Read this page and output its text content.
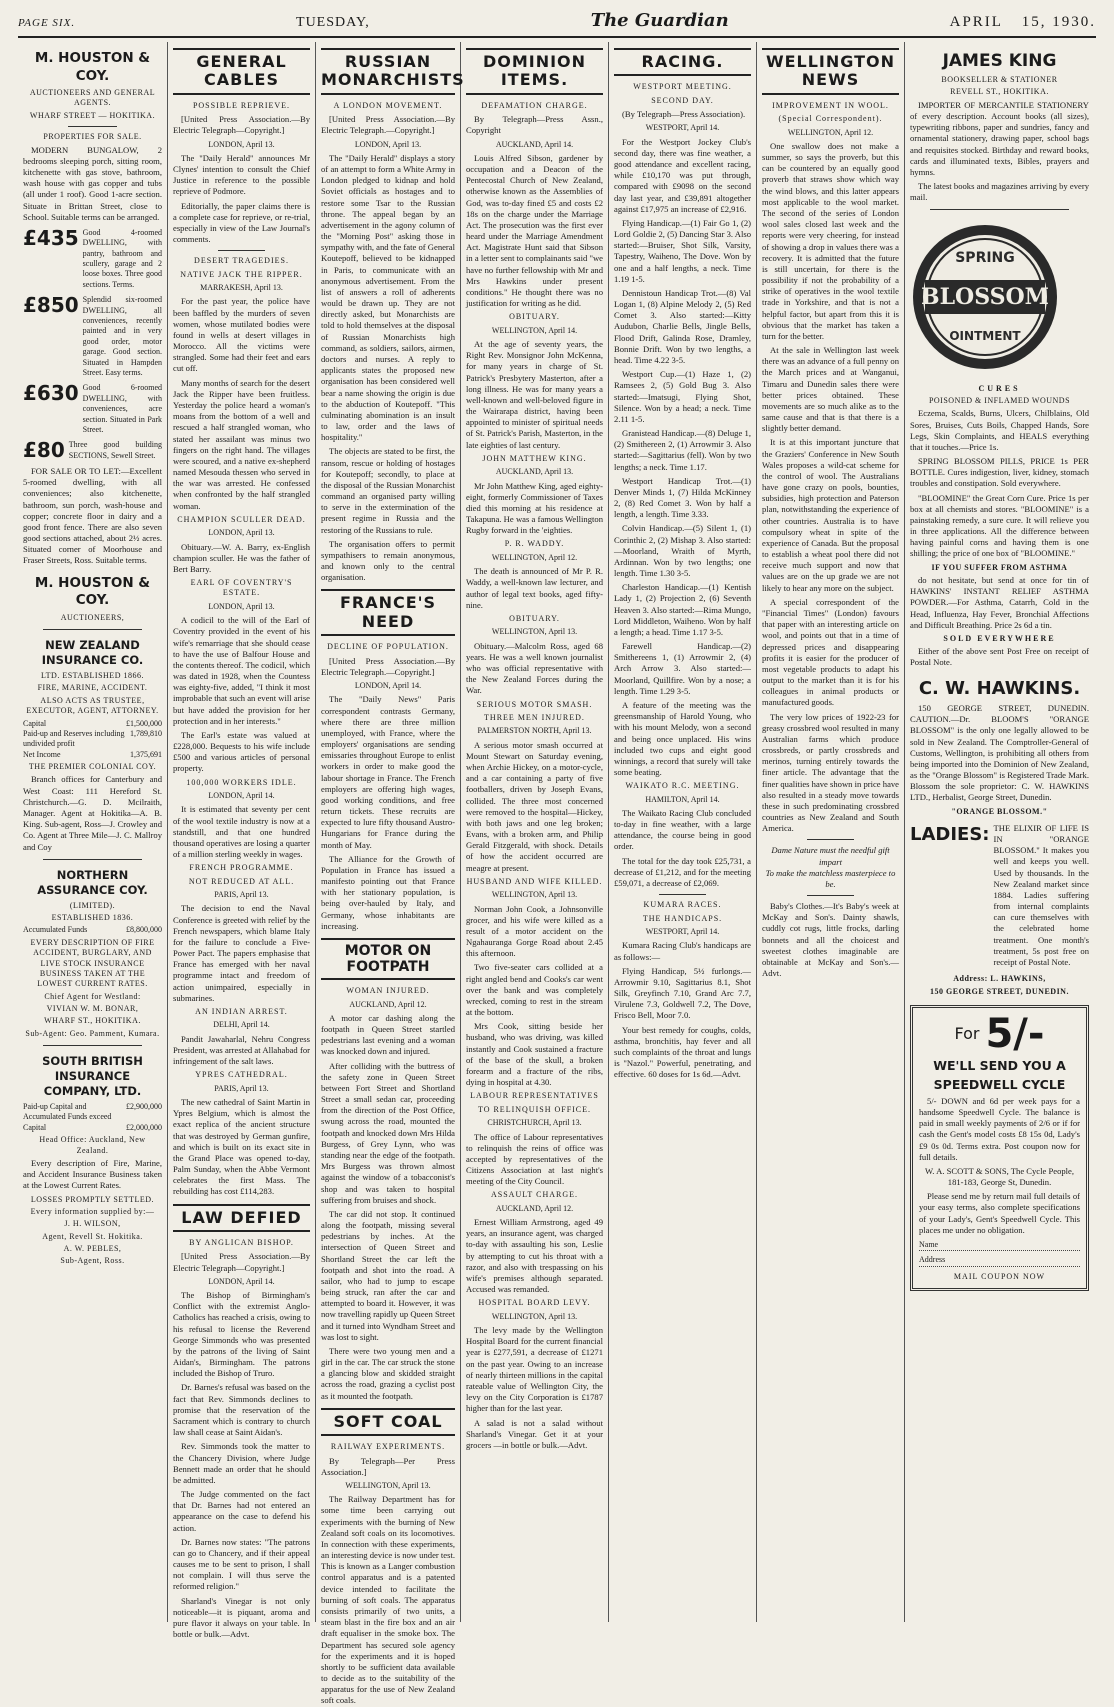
PAGE SIX.	TUESDAY,	The Guardian	APRIL 15, 1930.
M. HOUSTON & COY.
AUCTIONEERS AND GENERAL AGENTS.
WHARF STREET — HOKITIKA.
PROPERTIES FOR SALE.

MODERN BUNGALOW, 2 bedrooms sleeping porch, sitting room, kitchenette with gas stove, bathroom, wash house with gas copper and tubs (all under 1 roof). Good 1-acre section. Situate in Brittan Street, close to School. Suitable terms can be arranged.

£435 Good 4-roomed DWELLING, with pantry, bathroom and scullery, garage and 2 loose boxes. Three good sections. Terms.
£850 Splendid six-roomed DWELLING, all conveniences, recently painted and in very good order, motor garage. Good section. Situated in Hampden Street. Easy terms.
£630 Good 6-roomed DWELLING, with conveniences, acre section. Situated in Park Street.
£80 Three good building SECTIONS, Sewell Street.

FOR SALE OR TO LET:—Excellent 5-roomed dwelling, with all conveniences; also kitchenette, bathroom, sun porch, wash-house and copper; concrete floor in dairy and a good front fence. There are also seven good sections attached, about 2½ acres. Situated corner of Moorhouse and Fraser Streets, Ross. Suitable terms.

M. HOUSTON & COY.
AUCTIONEERS,
NEW ZEALAND INSURANCE CO.
LTD. ESTABLISHED 1866.
FIRE, MARINE, ACCIDENT.
ALSO ACTS AS TRUSTEE, EXECUTOR, AGENT, ATTORNEY.
Capital	£1,500,000
Paid-up and Reserves including undivided profit
1,789,810
Net Income	1,375,691
THE PREMIER COLONIAL COY.

Branch offices for Canterbury and West Coast: 111 Hereford St. Christchurch.—G. D. Mcilraith, Manager. Agent at Hokitika—A. B. King. Sub-agent, Ross—J. Crowley and Co. Agent at Three Mile—J. C. Mallroy and Coy

NORTHERN ASSURANCE COY.
(LIMITED).
ESTABLISHED 1836.
Accumulated Funds	£8,800,000
EVERY DESCRIPTION OF FIRE ACCIDENT, BURGLARY, AND LIVE STOCK INSURANCE BUSINESS TAKEN AT THE LOWEST CURRENT RATES.
Chief Agent for Westland:
VIVIAN W. M. BONAR,
WHARF ST., HOKITIKA.
Sub-Agent: Geo. Pamment, Kumara.
SOUTH BRITISH INSURANCE COMPANY, LTD.
Paid-up Capital and Accumulated Funds exceed
£2,900,000
Capital	£2,000,000
Head Office: Auckland, New Zealand.

Every description of Fire, Marine, and Accident Insurance Business taken at the Lowest Current Rates.

LOSSES PROMPTLY SETTLED.
Every information supplied by:—
J. H. WILSON,
Agent, Revell St. Hokitika.
A. W. PEBLES,
Sub-Agent, Ross.
GENERAL CABLES
POSSIBLE REPRIEVE.

[United Press Association.—By Electric Telegraph—Copyright.]

LONDON, April 13.

The "Daily Herald" announces Mr Clynes' intention to consult the Chief Justice in reference to the possible reprieve of Podmore.

Editorially, the paper claims there is a complete case for reprieve, or re-trial, especially in view of the Law Journal's comments.

DESERT TRAGEDIES.
NATIVE JACK THE RIPPER.
MARRAKESH, April 13.

For the past year, the police have been baffled by the murders of seven women, whose mutilated bodies were found in wells at desert villages in Morocco. All the victims were strangled. Some had their feet and ears cut off.

Many months of search for the desert Jack the Ripper have been fruitless. Yesterday the police heard a woman's moans from the bottom of a well and rescued a half strangled woman, who stated her assailant was minus two fingers on the right hand. The villages were scoured, and a native ex-shepherd named Mesouda thessen who served in the war was arrested. He confessed when confronted by the half strangled woman.

CHAMPION SCULLER DEAD.
LONDON, April 13.

Obituary.—W. A. Barry, ex-English champion sculler. He was the father of Bert Barry.

EARL OF COVENTRY'S ESTATE.
LONDON, April 13.

A codicil to the will of the Earl of Coventry provided in the event of his wife's remarriage that she should cease to have the use of Balfour House and the contents thereof. The codicil, which was dated in 1928, when the Countess was eighty-five, added, "I think it most improbable that such an event will arise but have added the provision for her protection and in her interests."

The Earl's estate was valued at £228,000. Bequests to his wife include £500 and various articles of personal property.

100,000 WORKERS IDLE.
LONDON, April 14.

It is estimated that seventy per cent of the wool textile industry is now at a standstill, and that one hundred thousand operatives are losing a quarter of a million sterling weekly in wages.

FRENCH PROGRAMME.
NOT REDUCED AT ALL.
PARIS, April 13.

The decision to end the Naval Conference is greeted with relief by the French newspapers, which blame Italy for the failure to conclude a Five-Power Pact. The papers emphasise that France has emerged with her naval programme intact and freedom of action unimpaired, especially in submarines.

AN INDIAN ARREST.
DELHI, April 14.

Pandit Jawaharlal, Nehru Congress President, was arrested at Allahabad for infringement of the salt laws.

YPRES CATHEDRAL.
PARIS, April 13.

The new cathedral of Saint Martin in Ypres Belgium, which is almost the exact replica of the ancient structure that was destroyed by German gunfire, and which is built on its exact site in the Grand Place was opened to-day, Palm Sunday, when the Abbe Vermont celebrates the first Mass. The rebuilding has cost £114,283.

LAW DEFIED
BY ANGLICAN BISHOP.

[United Press Association.—By Electric Telegraph—Copyright.]

LONDON, April 14.

The Bishop of Birmingham's Conflict with the extremist Anglo-Catholics has reached a crisis, owing to his refusal to license the Reverend George Simmonds who was presented by the patrons of the living of Saint Aidan's, Birmingham. The patrons included the Bishop of Truro.

Dr. Barnes's refusal was based on the fact that Rev. Simmonds declines to promise that the reservation of the Sacrament which is contrary to church law shall cease at Saint Aidan's.

Rev. Simmonds took the matter to the Chancery Division, where Judge Bennett made an order that he should be admitted.

The Judge commented on the fact that Dr. Barnes had not entered an appearance on the case to defend his action.

Dr. Barnes now states: "The patrons can go to Chancery, and if their appeal causes me to be sent to prison, I shall not complain. I will thus serve the reformed religion."

Sharland's Vinegar is not only noticeable—it is piquant, aroma and pure flavor it always on your table. In bottle or bulk.—Advt.

RUSSIAN MONARCHISTS
A LONDON MOVEMENT.

[United Press Association.—By Electric Telegraph.—Copyright.]

LONDON, April 13.

The "Daily Herald" displays a story of an attempt to form a White Army in London pledged to kidnap and hold Soviet officials as hostages and to restore some Tsar to the Russian throne. The appeal began by an advertisement in the agony column of the "Morning Post" asking those in sympathy with, and the fate of General Koutepoff, believed to be kidnapped in Paris, to communicate with an anonymous advertisement. From the list of answers a roll of adherents would be drawn up. They are not directly asked, but Monarchists are told to hold themselves at the disposal of Russian Monarchists high command, as soldiers, sailors, airmen, doctors and nurses. A reply to applicants states the proposed new organisation has been considered well bear a name showing the origin is due to the abduction of Koutepoff. "This culminating abomination is an insult to law, order and the laws of hospitality."

The objects are stated to be first, the ransom, rescue or holding of hostages for Koutepoff; secondly, to place at the disposal of the Russian Monarchist command an organised party willing to serve in the extermination of the present regime in Russia and the restoring of the Russians to rule.

The organisation offers to permit sympathisers to remain anonymous, and known only to the central organisation.

FRANCE'S NEED
DECLINE OF POPULATION.

[United Press Association.—By Electric Telegraph.—Copyright.]

LONDON, April 14.

The "Daily News" Paris correspondent contrasts Germany, where there are three million unemployed, with France, where the employers' organisations are sending emissaries throughout Europe to enlist workers in order to make good the labour shortage in France. The French employers are offering high wages, good working conditions, and free return tickets. These recruits are expected to lure fifty thousand Austro-Hungarians for France during the month of May.

The Alliance for the Growth of Population in France has issued a manifesto pointing out that France with her stationary population, is being over-hauled by Italy, and Germany, whose inhabitants are increasing.

MOTOR ON FOOTPATH
WOMAN INJURED.
AUCKLAND, April 12.

A motor car dashing along the footpath in Queen Street startled pedestrians last evening and a woman was knocked down and injured.

After colliding with the buttress of the safety zone in Queen Street between Fort Street and Shortland Street a small sedan car, proceeding from the direction of the Post Office, swung across the road, mounted the footpath and knocked down Mrs Hilda Burgess, of Grey Lynn, who was standing near the edge of the footpath. Mrs Burgess was thrown almost against the window of a tobacconist's shop and was taken to hospital suffering from bruises and shock.

The car did not stop. It continued along the footpath, missing several pedestrians by inches. At the intersection of Queen Street and Shortland Street the car left the footpath and shot into the road. A sailor, who had to jump to escape being struck, ran after the car and attempted to board it. However, it was now travelling rapidly up Queen Street and it turned into Wyndham Street and was lost to sight.

There were two young men and a girl in the car. The car struck the stone a glancing blow and skidded straight across the road, grazing a cyclist post as it mounted the footpath.

SOFT COAL
RAILWAY EXPERIMENTS.

By Telegraph—Per Press Association.]

WELLINGTON, April 13.

The Railway Department has for some time been carrying out experiments with the burning of New Zealand soft coals on its locomotives. In connection with these experiments, an interesting device is now under test. This is known as a Langer combustion control apparatus and is a patented device intended to facilitate the burning of soft coals. The apparatus consists primarily of two units, a steam blast in the fire box and an air draft equaliser in the smoke box. The Department has secured sole agency for the experiments and it is hoped shortly to be sufficient data available to decide as to the suitability of the apparatus for the use of New Zealand soft coals.

DOMINION ITEMS.
DEFAMATION CHARGE.

By Telegraph—Press Assn., Copyright

AUCKLAND, April 14.

Louis Alfred Sibson, gardener by occupation and a Deacon of the Pentecostal Church of New Zealand, otherwise known as the Assemblies of God, was to-day fined £5 and costs £2 18s on the charge under the Marriage Act. The prosecution was the first ever heard under the Marriage Amendment Act. Magistrate Hunt said that Sibson in a letter sent to complainants said "we have no further fellowship with Mr and Mrs Hawkins under present conditions." He thought there was no justification for writing as he did.

OBITUARY.
WELLINGTON, April 14.

At the age of seventy years, the Right Rev. Monsignor John McKenna, for many years in charge of St. Patrick's Presbytery Masterton, after a long illness. He was for many years a well-known and well-beloved figure in the Wairarapa district, having been appointed to minister of spiritual needs of St. Patrick's Parish, Masterton, in the late eighties of last century.

JOHN MATTHEW KING.
AUCKLAND, April 13.

Mr John Matthew King, aged eighty-eight, formerly Commissioner of Taxes died this morning at his residence at Takapuna. He was a famous Wellington Rugby forward in the 'eighties.

P. R. WADDY.
WELLINGTON, April 12.

The death is announced of Mr P. R. Waddy, a well-known law lecturer, and author of legal text books, aged fifty-nine.

OBITUARY.
WELLINGTON, April 13.

Obituary.—Malcolm Ross, aged 68 years. He was a well known journalist who was official representative with the New Zealand Forces during the War.

SERIOUS MOTOR SMASH.
THREE MEN INJURED.
PALMERSTON NORTH, April 13.

A serious motor smash occurred at Mount Stewart on Saturday evening, when Archie Hickey, on a motor-cycle, and a car containing a party of five footballers, driven by Joseph Evans, collided. The three most concerned were removed to the hospital—Hickey, with both jaws and one leg broken; Evans, with a broken arm, and Philip Gerald Fitzgerald, with shock. Details of how the accident occurred are meagre at present.

HUSBAND AND WIFE KILLED.
WELLINGTON, April 13.

Norman John Cook, a Johnsonville grocer, and his wife were killed as a result of a motor accident on the Ngahauranga Gorge Road about 2.45 this afternoon.

Two five-seater cars collided at a right angled bend and Cooks's car went over the bank and was completely wrecked, coming to rest in the stream at the bottom.

Mrs Cook, sitting beside her husband, who was driving, was killed instantly and Cook sustained a fracture of the base of the skull, a broken forearm and a fracture of the ribs, dying in hospital at 4.30.

LABOUR REPRESENTATIVES
TO RELINQUISH OFFICE.
CHRISTCHURCH, April 13.

The office of Labour representatives to relinquish the reins of office was accepted by representatives of the Citizens Association at last night's meeting of the City Council.

ASSAULT CHARGE.
AUCKLAND, April 12.

Ernest William Armstrong, aged 49 years, an insurance agent, was charged to-day with assaulting his son, Leslie by attempting to cut his throat with a razor, and also with trespassing on his wife's premises although separated. Accused was remanded.

HOSPITAL BOARD LEVY.
WELLINGTON, April 13.

The levy made by the Wellington Hospital Board for the current financial year is £277,591, a decrease of £1271 on the past year. Owing to an increase of nearly thirteen millions in the capital rateable value of Wellington City, the levy on the City Corporation is £1787 higher than for the last year.

A salad is not a salad without Sharland's Vinegar. Get it at your grocers —in bottle or bulk.—Advt.

RACING.
WESTPORT MEETING.
SECOND DAY.

(By Telegraph—Press Association).

WESTPORT, April 14.

For the Westport Jockey Club's second day, there was fine weather, a good attendance and excellent racing, while £10,170 was put through, compared with £9098 on the second day last year, and £39,891 altogether against £17,975 an increase of £2,916.

Flying Handicap.—(1) Fair Go 1, (2) Lord Goldie 2, (5) Dancing Star 3. Also started:—Bruiser, Shot Silk, Varsity, Tapestry, Waiheno, The Dove. Won by one and a half lengths, a neck. Time 1.19 1-5.

Dennistoun Handicap Trot.—(8) Val Logan 1, (8) Alpine Melody 2, (5) Red Comet 3. Also started:—Kitty Audubon, Charlie Bells, Jingle Bells, Flood Drift, Galinda Rose, Dramley, Bonnie Drift. Won by two lengths, a head. Time 4.22 3-5.

Westport Cup.—(1) Haze 1, (2) Ramsees 2, (5) Gold Bug 3. Also started:—Imatsugi, Flying Shot, Silence. Won by a head; a neck. Time 2.11 1-5.

Granistead Handicap.—(8) Deluge 1, (2) Smithereen 2, (1) Arrowmir 3. Also started:—Sagittarius (fell). Won by two lengths; a neck. Time 1.17.

Westport Handicap Trot.—(1) Denver Minds 1, (7) Hilda McKinney 2, (8) Red Comet 3. Won by half a length, a length. Time 3.33.

Colvin Handicap.—(5) Silent 1, (1) Corinthic 2, (2) Mishap 3. Also started:—Moorland, Wraith of Myrth, Ardinnan. Won by two lengths; one length. Time 1.30 3-5.

Charleston Handicap.—(1) Kentish Lady 1, (2) Projection 2, (6) Seventh Heaven 3. Also started:—Rima Mungo, Lord Middleton, Waiheno. Won by half a length; a head. Time 1.17 3-5.

Farewell Handicap.—(2) Smithereens 1, (1) Arrowmir 2, (4) Arch Arrow 3. Also started:—Moorland, Quillfire. Won by a nose; a length. Time 1.29 3-5.

A feature of the meeting was the greensmanship of Harold Young, who with his mount Melody, won a second and being once unplaced. His wins included two cups and eight good winnings, a record that surely will take some beating.

WAIKATO R.C. MEETING.
HAMILTON, April 14.

The Waikato Racing Club concluded to-day in fine weather, with a large attendance, the course being in good order.

The total for the day took £25,731, a decrease of £1,212, and for the meeting £59,071, a decrease of £2,069.

KUMARA RACES.
THE HANDICAPS.
WESTPORT, April 14.

Kumara Racing Club's handicaps are as follows:—

Flying Handicap, 5½ furlongs.—Arrowmir 9.10, Sagittarius 8.1, Shot Silk, Greyfinch 7.10, Grand Arc 7.7, Virulene 7.3, Goldwell 7.2, The Dove, Frisco Bell, Moor 7.0.

Your best remedy for coughs, colds, asthma, bronchitis, hay fever and all such complaints of the throat and lungs is "Nazol." Powerful, penetrating, and effective. 60 doses for 1s 6d.—Advt.

WELLINGTON NEWS
IMPROVEMENT IN WOOL.
(Special Correspondent).
WELLINGTON, April 12.

One swallow does not make a summer, so says the proverb, but this can be countered by an equally good proverb that straws show which way the wind blows, and this latter appears most applicable to the wool market. The second of the series of London wool sales closed last week and the reports were very cheering, for instead of showing a drop in values there was a recovery. It is admitted that the future is still uncertain, for there is the possibility if not the probability of a strike of operatives in the wool textile trade in Yorkshire, and that is not a helpful factor, but apart from this it is obvious that the market has taken a turn for the better.

At the sale in Wellington last week there was an advance of a full penny on the March prices and at Wanganui, Timaru and Dunedin sales there were better prices obtained. These movements are so much alike as to the same cause and that is that there is a slightly better demand.

It is at this important juncture that the Graziers' Conference in New South Wales proposes a wild-cat scheme for the control of wool. The Australians have gone crazy on pools, bounties, subsidies, high protection and Paterson plan, notwithstanding the experience of other countries. Australia is to have compulsory wheat in spite of the experience of Canada. But the proposal to establish a wheat pool there did not receive much support and now that values are on the up grade we are not likely to hear any more on the subject.

A special correspondent of the "Financial Times" (London) favours that paper with an interesting article on wool, and points out that in a time of depressed prices and disappearing profits it is easier for the producer of most vegetable products to adapt his output to the market than it is for his colleagues in animal products or manufactured goods.

The very low prices of 1922-23 for greasy crossbred wool resulted in many Australian farms which produce crossbreds, or partly crossbreds and merinos, turning entirely towards the finer article. The advantage that the finer qualities have shown in price have also resulted in a steady move towards these in such predominating crossbred countries as New Zealand and South America.

Dame Nature must the needful gift impart
To make the matchless masterpiece to be.

Baby's Clothes.—It's Baby's week at McKay and Son's. Dainty shawls, cuddly cot rugs, little frocks, darling bonnets and all the choicest and sweetest clothes imaginable are obtainable at McKay and Son's.—Advt.

JAMES KING
BOOKSELLER & STATIONER
REVELL ST., HOKITIKA.

IMPORTER OF MERCANTILE STATIONERY of every description. Account books (all sizes), typewriting ribbons, paper and sundries, fancy and ornamental stationery, drawing paper, school bags and requisites stocked. Birthday and reward books, cards and illuminated texts, Bibles, prayers and hymns.

The latest books and magazines arriving by every mail.

SPRING
BLOSSOM
OINTMENT
CURES
POISONED & INFLAMED WOUNDS

Eczema, Scalds, Burns, Ulcers, Chilblains, Old Sores, Bruises, Cuts Boils, Chapped Hands, Sore Legs, Skin Complaints, and HEALS everything that it touches.—Price 1s.

SPRING BLOSSOM PILLS, PRICE 1s PER BOTTLE. Cures indigestion, liver, kidney, stomach troubles and constipation. Sold everywhere.

"BLOOMINE" the Great Corn Cure. Price 1s per box at all chemists and stores. "BLOOMINE" is a painstaking remedy, a sure cure. It will relieve you in three applications. All the difference between having painful corns and having them is one shilling; the price of one box of "BLOOMINE."

IF YOU SUFFER FROM ASTHMA

do not hesitate, but send at once for tin of HAWKINS' INSTANT RELIEF ASTHMA POWDER.—For Asthma, Catarrh, Cold in the Head, Influenza, Hay Fever, Bronchial Affections and Difficult Breathing. Price 2s 6d a tin.

SOLD EVERYWHERE

Either of the above sent Post Free on receipt of Postal Note.

C. W. HAWKINS.

150 GEORGE STREET, DUNEDIN. CAUTION.—Dr. BLOOM'S "ORANGE BLOSSOM" is the only one legally allowed to be sold in New Zealand. The Comptroller-General of Customs, Wellington, is prohibiting all others from being imported into the Dominion of New Zealand, as the "Orange Blossom" is Registered Trade Mark. Blossom the sole proprietor: C. W. HAWKINS LTD., Herbalist, George Street, Dunedin.

"ORANGE BLOSSOM."
LADIES: THE ELIXIR OF LIFE IS IN "ORANGE BLOSSOM." It makes you well and keeps you well. Used by thousands. In the New Zealand market since 1884. Ladies suffering from internal complaints can cure themselves with the celebrated home treatment. One month's treatment, 5s post free on receipt of Postal Note.
Address: L. HAWKINS,
150 GEORGE STREET, DUNEDIN.
For 5/-
WE'LL SEND YOU A
SPEEDWELL CYCLE

5/- DOWN and 6d per week pays for a handsome Speedwell Cycle. The balance is paid in small weekly payments of 2/6 or if for cash the Gent's model costs £8 15s 0d, Lady's £9 0s 0d. Terms extra. Post coupon now for full details.

W. A. SCOTT & SONS, The Cycle People, 181-183, George St, Dunedin.

Please send me by return mail full details of your easy terms, also complete specifications of your Lady's, Gent's Speedwell Cycle. This places me under no obligation.

Name
Address
MAIL COUPON NOW
